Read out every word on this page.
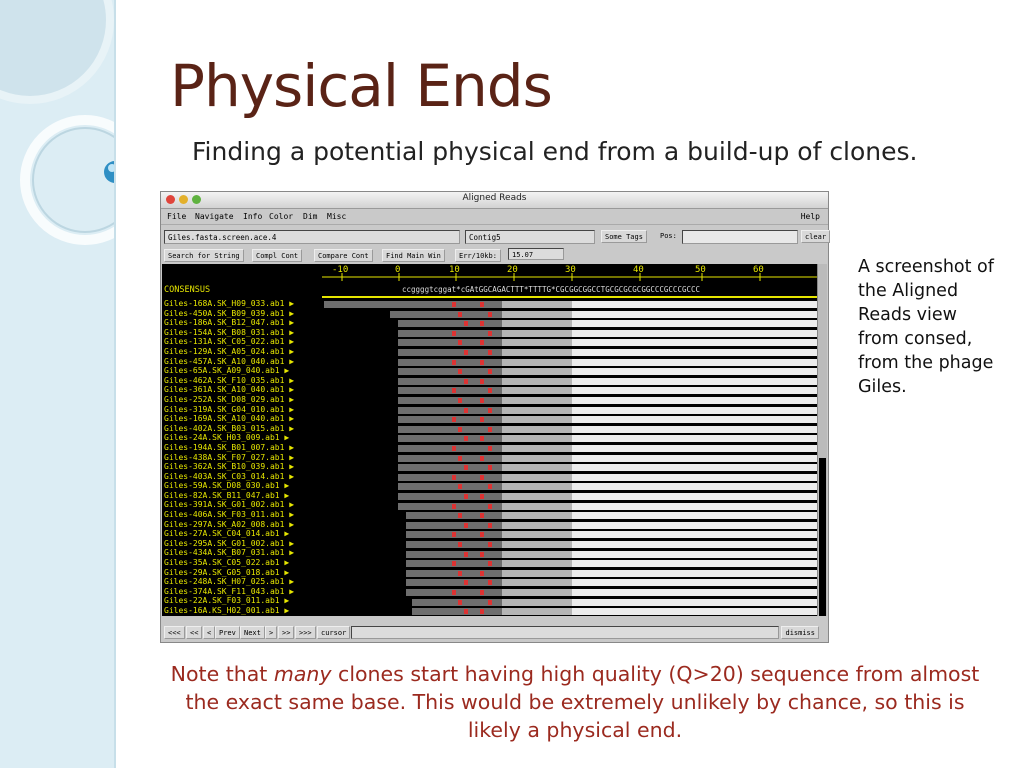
Physical Ends

Finding a potential physical end from a build-up of clones.

Aligned Reads
File Navigate Info Color Dim Misc	Help
Giles.fasta.screen.ace.4	Contig5	Some Tags	Pos:	clear
Search for String	Compl Cont	Compare Cont	Find Main Win	Err/10kb:	15.07
-10	0	10	20	30	40	50	60
CONSENSUS	ccggggtcggat*cGAtGGCAGACTTT*TTTTG*CGCGGCGGCCTGCGCGCGCGGCCCGCCCGCCC
Giles-168A.SK_H09_033.ab1 ▶
Giles-450A.SK_B09_039.ab1 ▶
Giles-186A.SK_B12_047.ab1 ▶
Giles-154A.SK_B08_031.ab1 ▶
Giles-131A.SK_C05_022.ab1 ▶
Giles-129A.SK_A05_024.ab1 ▶
Giles-457A.SK_A10_040.ab1 ▶
Giles-65A.SK_A09_040.ab1 ▶
Giles-462A.SK_F10_035.ab1 ▶
Giles-361A.SK_A10_040.ab1 ▶
Giles-252A.SK_D08_029.ab1 ▶
Giles-319A.SK_G04_010.ab1 ▶
Giles-169A.SK_A10_040.ab1 ▶
Giles-402A.SK_B03_015.ab1 ▶
Giles-24A.SK_H03_009.ab1 ▶
Giles-194A.SK_B01_007.ab1 ▶
Giles-438A.SK_F07_027.ab1 ▶
Giles-362A.SK_B10_039.ab1 ▶
Giles-403A.SK_C03_014.ab1 ▶
Giles-59A.SK_D08_030.ab1 ▶
Giles-82A.SK_B11_047.ab1 ▶
Giles-391A.SK_G01_002.ab1 ▶
Giles-406A.SK_F03_011.ab1 ▶
Giles-297A.SK_A02_008.ab1 ▶
Giles-27A.SK_C04_014.ab1 ▶
Giles-295A.SK_G01_002.ab1 ▶
Giles-434A.SK_B07_031.ab1 ▶
Giles-35A.SK_C05_022.ab1 ▶
Giles-29A.SK_G05_018.ab1 ▶
Giles-248A.SK_H07_025.ab1 ▶
Giles-374A.SK_F11_043.ab1 ▶
Giles-22A.SK_F03_011.ab1 ▶
Giles-16A.KS_H02_001.ab1 ▶
<<<	<<	<	Prev	Next	>	>>	>>>	cursor	dismiss
A screenshot of the Aligned Reads view from consed, from the phage Giles.
Note that many clones start having high quality (Q>20) sequence from almost the exact same base. This would be extremely unlikely by chance, so this is likely a physical end.
